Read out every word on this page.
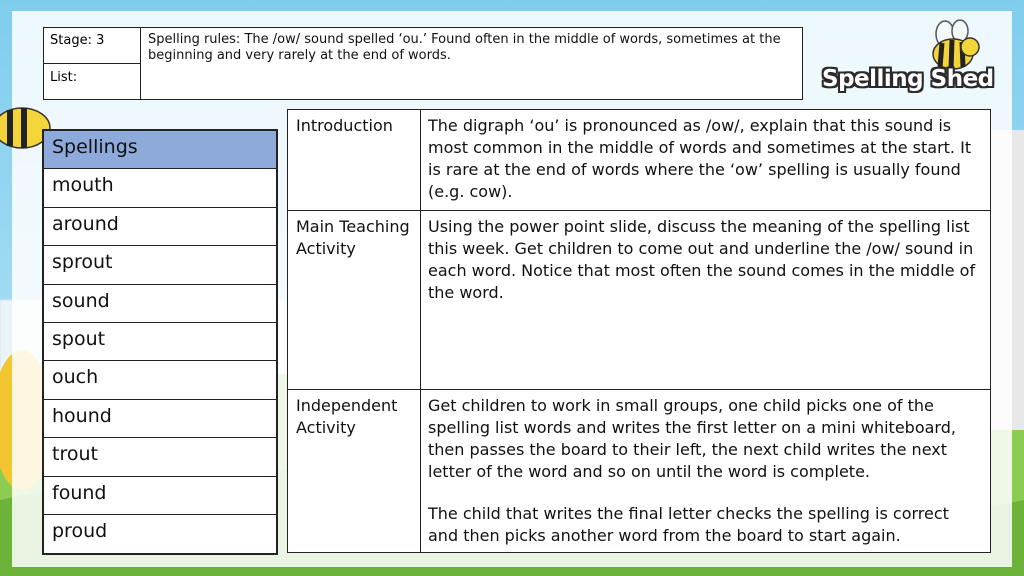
Stage: 3
List:
Spelling rules: The /ow/ sound spelled ‘ou.’ Found often in the middle of words, sometimes at the beginning and very rarely at the end of words.
Spelling Shed
Spellings
mouth
around
sprout
sound
spout
ouch
hound
trout
found
proud
Introduction	The digraph ‘ou’ is pronounced as /ow/, explain that this sound is most common in the middle of words and sometimes at the start. It is rare at the end of words where the ‘ow’ spelling is usually found (e.g. cow).

Main Teaching Activity

Using the power point slide, discuss the meaning of the spelling list this week. Get children to come out and underline the /ow/ sound in each word. Notice that most often the sound comes in the middle of the word.

Independent Activity

Get children to work in small groups, one child picks one of the spelling list words and writes the first letter on a mini whiteboard, then passes the board to their left, the next child writes the next letter of the word and so on until the word is complete.

The child that writes the final letter checks the spelling is correct and then picks another word from the board to start again.
